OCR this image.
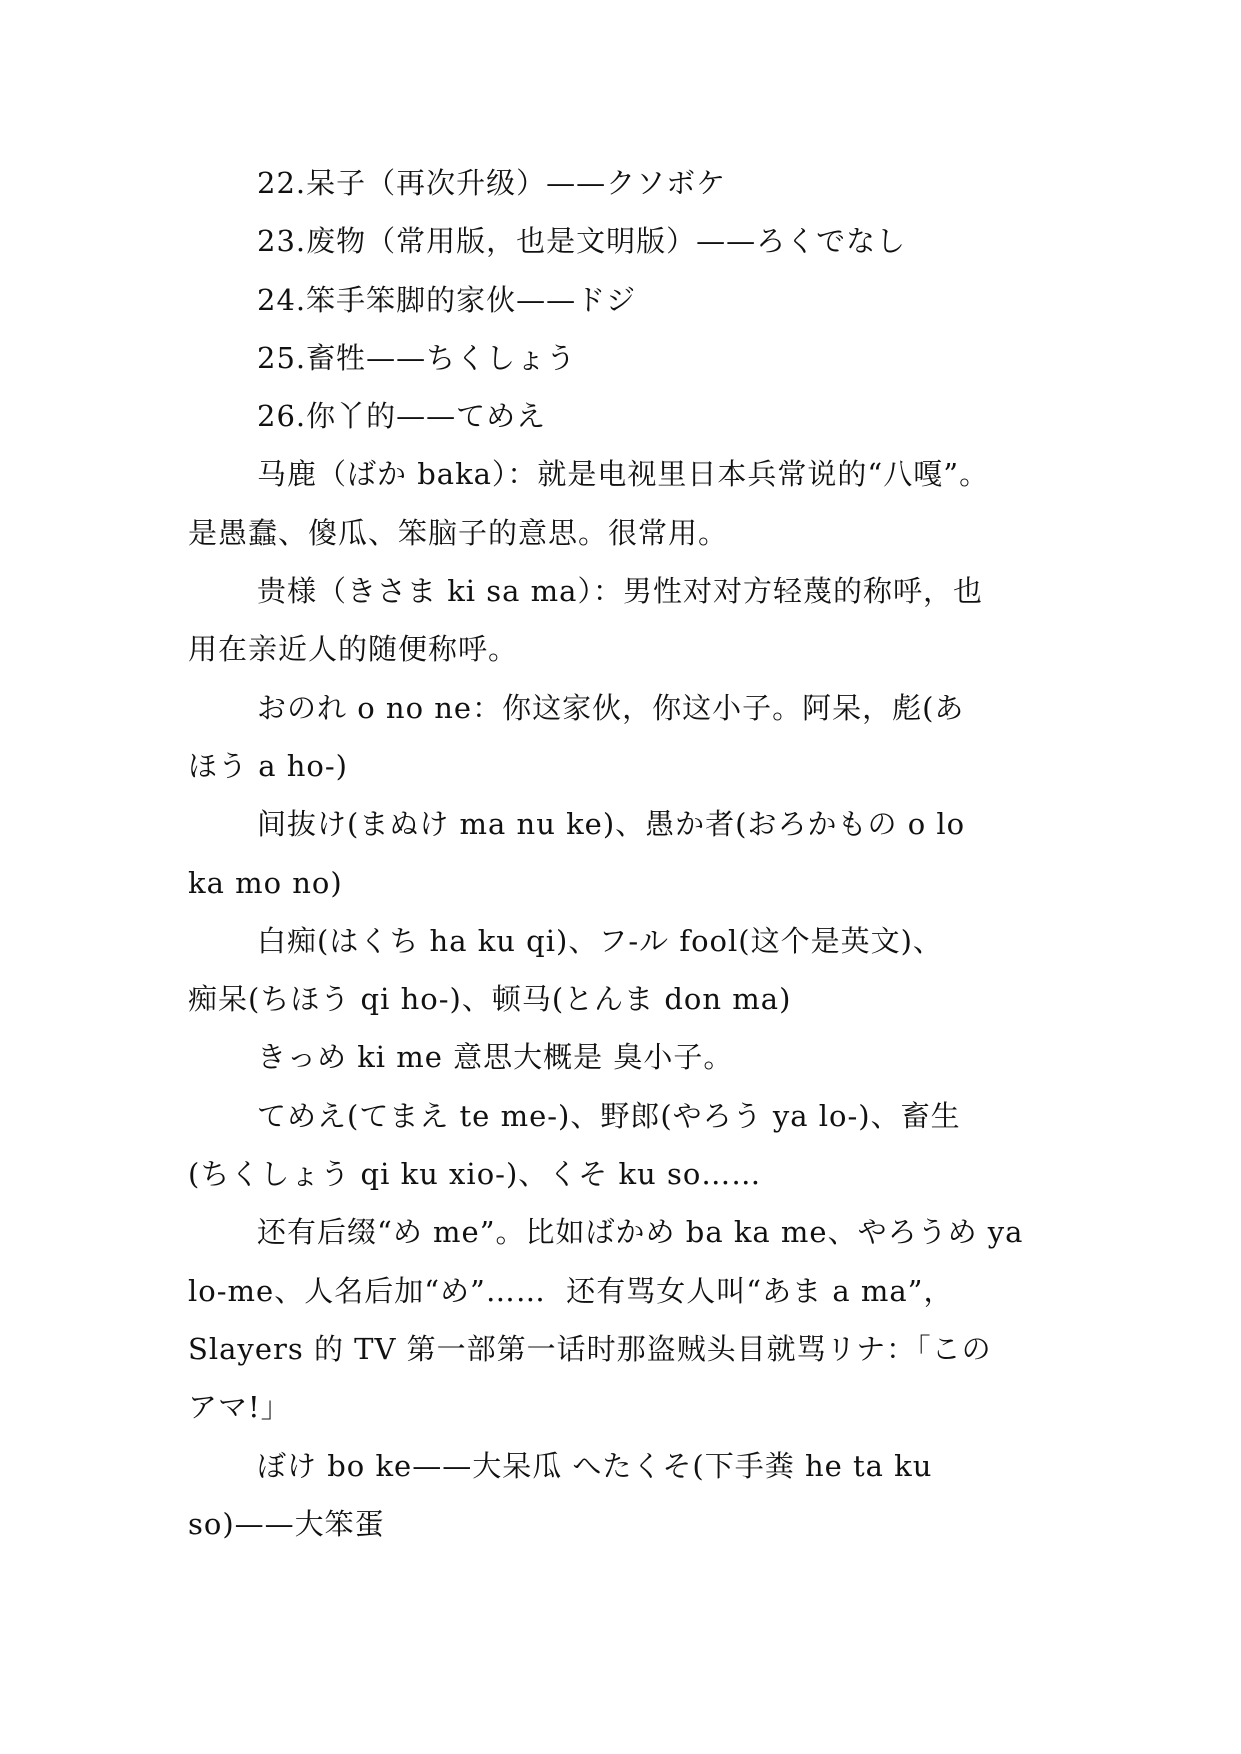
22.呆子（再次升级）——クソボケ
23.废物（常用版，也是文明版）——ろくでなし
24.笨手笨脚的家伙——ドジ
25.畜牲——ちくしょう
26.你丫的——てめえ
马鹿（ばか baka）：就是电视里日本兵常说的“八嘎”。
是愚蠢、傻瓜、笨脑子的意思。很常用。
贵様（きさま ki sa ma）：男性对对方轻蔑的称呼，也
用在亲近人的随便称呼。
おのれ o no ne：你这家伙，你这小子。阿呆，彪(あ
ほう a ho-)
间抜け(まぬけ ma nu ke)、愚か者(おろかもの o lo
ka mo no)
白痴(はくち ha ku qi)、フ-ル fool(这个是英文)、
痴呆(ちほう qi ho-)、顿马(とんま don ma)
きっめ ki me 意思大概是 臭小子。
てめえ(てまえ te me-)、野郎(やろう ya lo-)、畜生
(ちくしょう qi ku xio-)、くそ ku so……
还有后缀“め me”。比如ばかめ ba ka me、やろうめ ya
lo-me、人名后加“め”……  还有骂女人叫“あま a ma”，
Slayers 的 TV 第一部第一话时那盗贼头目就骂リナ：「この
アマ!」
ぼけ bo ke——大呆瓜 へたくそ(下手粪 he ta ku
so)——大笨蛋
